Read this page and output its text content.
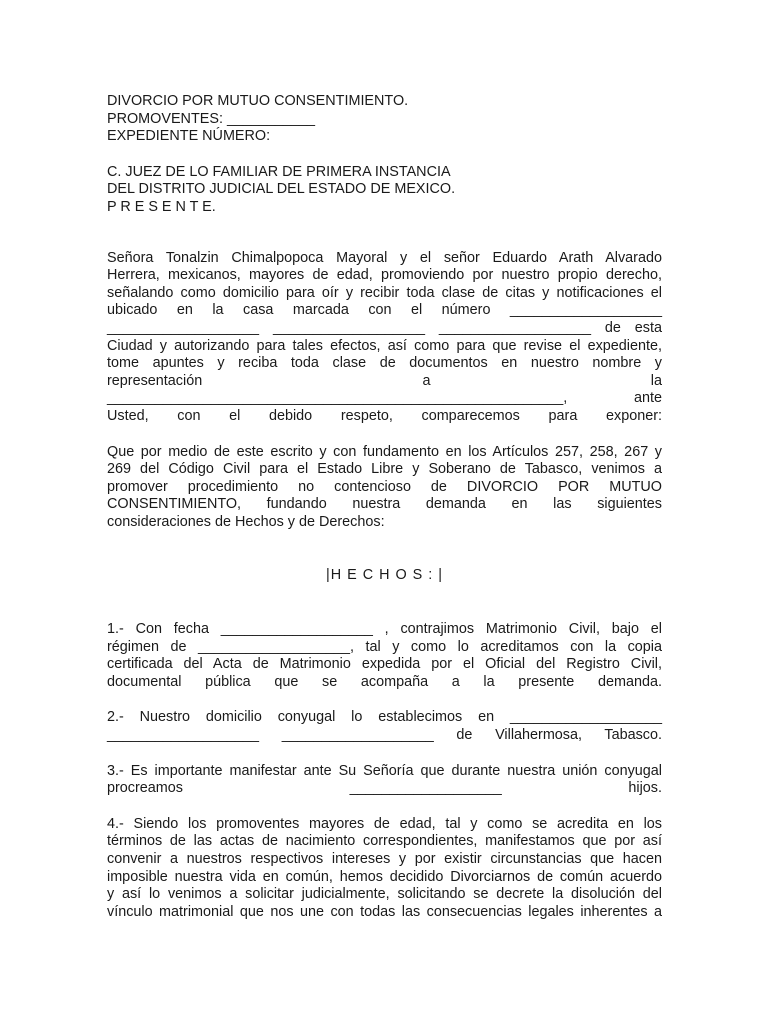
DIVORCIO POR MUTUO CONSENTIMIENTO.

PROMOVENTES: ___________

EXPEDIENTE NÚMERO:

C. JUEZ DE LO FAMILIAR DE PRIMERA INSTANCIA

DEL DISTRITO JUDICIAL DEL ESTADO DE MEXICO.

P R E S E N T E.

Señora Tonalzin Chimalpopoca Mayoral y el señor Eduardo Arath Alvarado

Herrera, mexicanos, mayores de edad, promoviendo por nuestro propio derecho,

señalando como domicilio para oír y recibir toda clase de citas y notificaciones el

ubicado en la casa marcada con el número ___________________

___________________ ___________________ ___________________ de esta

Ciudad y autorizando para tales efectos, así como para que revise el expediente,

tome apuntes y reciba toda clase de documentos en nuestro nombre y

representación a la

_________________________________________________________, ante

Usted, con el debido respeto, comparecemos para exponer:

Que por medio de este escrito y con fundamento en los Artículos 257, 258, 267 y

269 del Código Civil para el Estado Libre y Soberano de Tabasco, venimos a

promover procedimiento no contencioso de DIVORCIO POR MUTUO

CONSENTIMIENTO, fundando nuestra demanda en las siguientes

consideraciones de Hechos y de Derechos:

|H E C H O S : |

1.- Con fecha ___________________ , contrajimos Matrimonio Civil, bajo el

régimen de ___________________, tal y como lo acreditamos con la copia

certificada del Acta de Matrimonio expedida por el Oficial del Registro Civil,

documental pública que se acompaña a la presente demanda.

2.- Nuestro domicilio conyugal lo establecimos en ___________________

___________________ ___________________ de Villahermosa, Tabasco.

3.- Es importante manifestar ante Su Señoría que durante nuestra unión conyugal

procreamos	___________________	hijos.

4.- Siendo los promoventes mayores de edad, tal y como se acredita en los

términos de las actas de nacimiento correspondientes, manifestamos que por así

convenir a nuestros respectivos intereses y por existir circunstancias que hacen

imposible nuestra vida en común, hemos decidido Divorciarnos de común acuerdo

y así lo venimos a solicitar judicialmente, solicitando se decrete la disolución del

vínculo matrimonial que nos une con todas las consecuencias legales inherentes a
